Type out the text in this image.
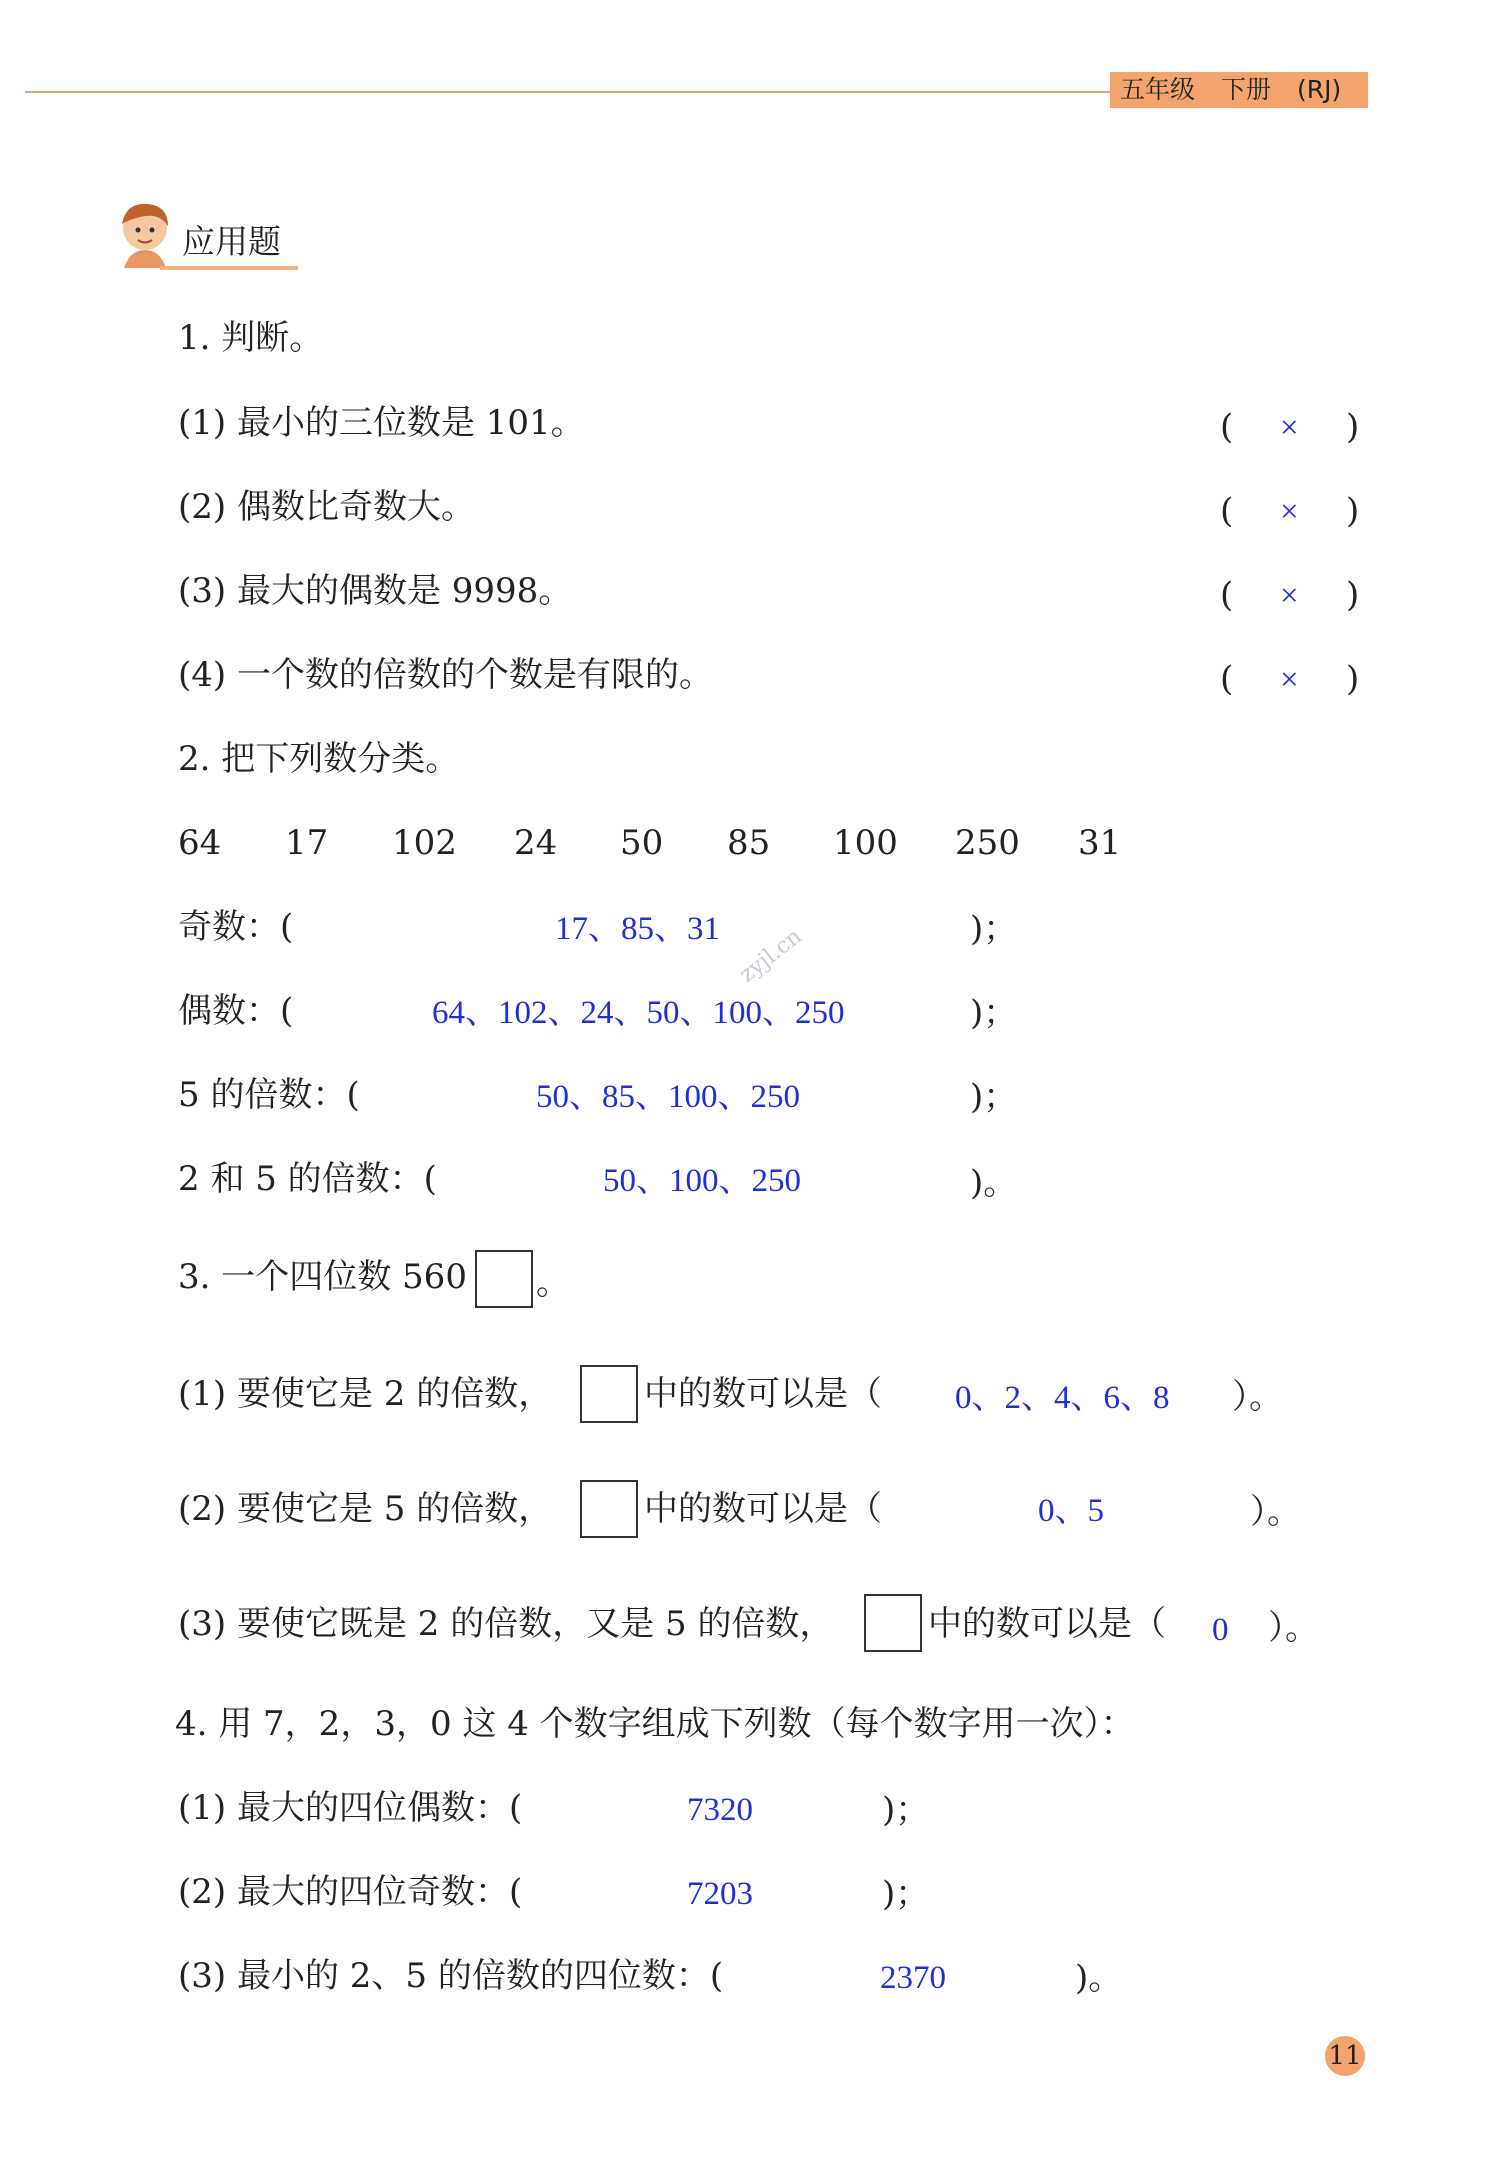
五年级 下册 (RJ)
应用题
1. 判断。
(1) 最小的三位数是 101。	( × )
(2) 偶数比奇数大。	( × )
(3) 最大的偶数是 9998。	( × )
(4) 一个数的倍数的个数是有限的。	( × )
2. 把下列数分类。
64 17 102 24 50 85 100 250 31
奇数：(	17、85、31	)；
zyjl.cn
偶数：(	64、102、24、50、100、250	)；
5 的倍数：(	50、85、100、250	)；
2 和 5 的倍数：(	50、100、250	)。
3. 一个四位数 560 。
(1) 要使它是 2 的倍数，	中的数可以是（ 0、2、4、6、8 ）。
(2) 要使它是 5 的倍数，	中的数可以是（	0、5	）。
(3) 要使它既是 2 的倍数，又是 5 的倍数，	中的数可以是（ 0 ）。
4. 用 7，2，3，0 这 4 个数字组成下列数（每个数字用一次）：
(1) 最大的四位偶数：(	7320	)；
(2) 最大的四位奇数：(	7203	)；
(3) 最小的 2、5 的倍数的四位数：(	2370	)。
11
